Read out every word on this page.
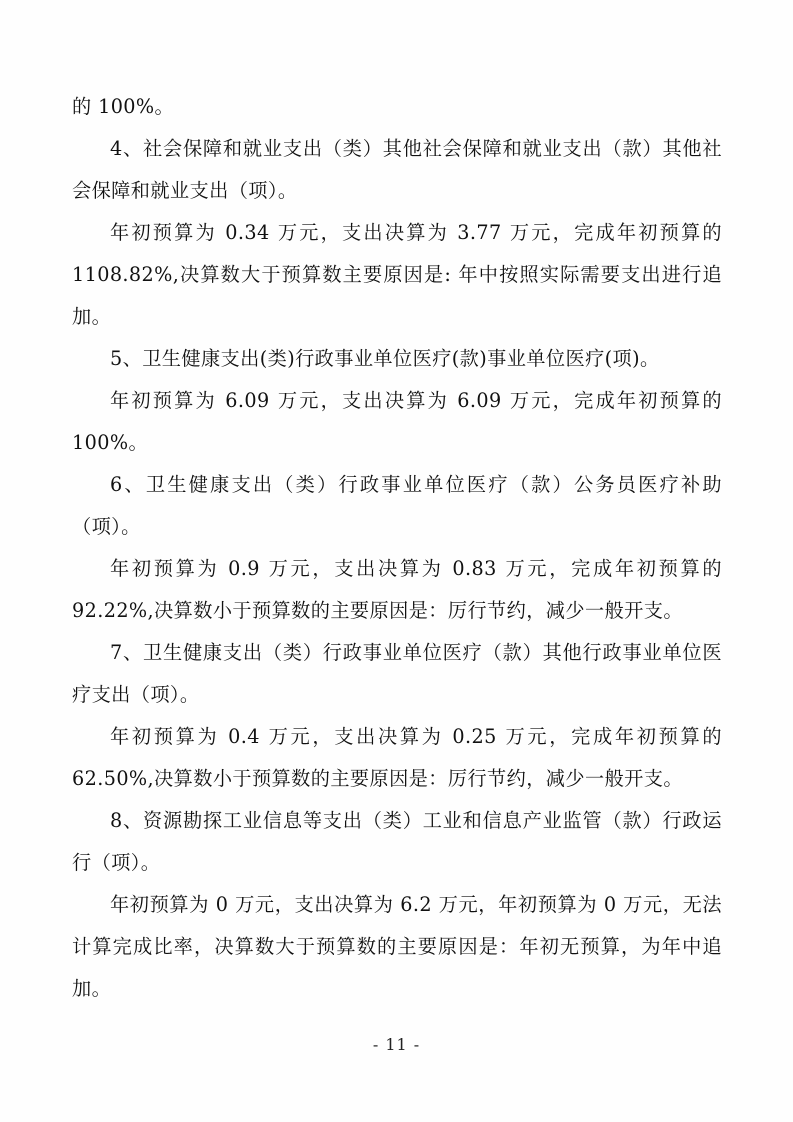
的 100%。

4、社会保障和就业支出（类）其他社会保障和就业支出（款）其他社会保障和就业支出（项）。

年初预算为 0.34 万元，支出决算为 3.77 万元，完成年初预算的 1108.82%,决算数大于预算数主要原因是: 年中按照实际需要支出进行追加。

5、卫生健康支出(类)行政事业单位医疗(款)事业单位医疗(项)。

年初预算为 6.09 万元，支出决算为 6.09 万元，完成年初预算的 100%。

6、卫生健康支出（类）行政事业单位医疗（款）公务员医疗补助（项）。

年初预算为 0.9 万元，支出决算为 0.83 万元，完成年初预算的 92.22%,决算数小于预算数的主要原因是：厉行节约，减少一般开支。

7、卫生健康支出（类）行政事业单位医疗（款）其他行政事业单位医疗支出（项）。

年初预算为 0.4 万元，支出决算为 0.25 万元，完成年初预算的 62.50%,决算数小于预算数的主要原因是：厉行节约，减少一般开支。

8、资源勘探工业信息等支出（类）工业和信息产业监管（款）行政运行（项）。

年初预算为 0 万元，支出决算为 6.2 万元，年初预算为 0 万元，无法计算完成比率，决算数大于预算数的主要原因是：年初无预算，为年中追加。

- 11 -
